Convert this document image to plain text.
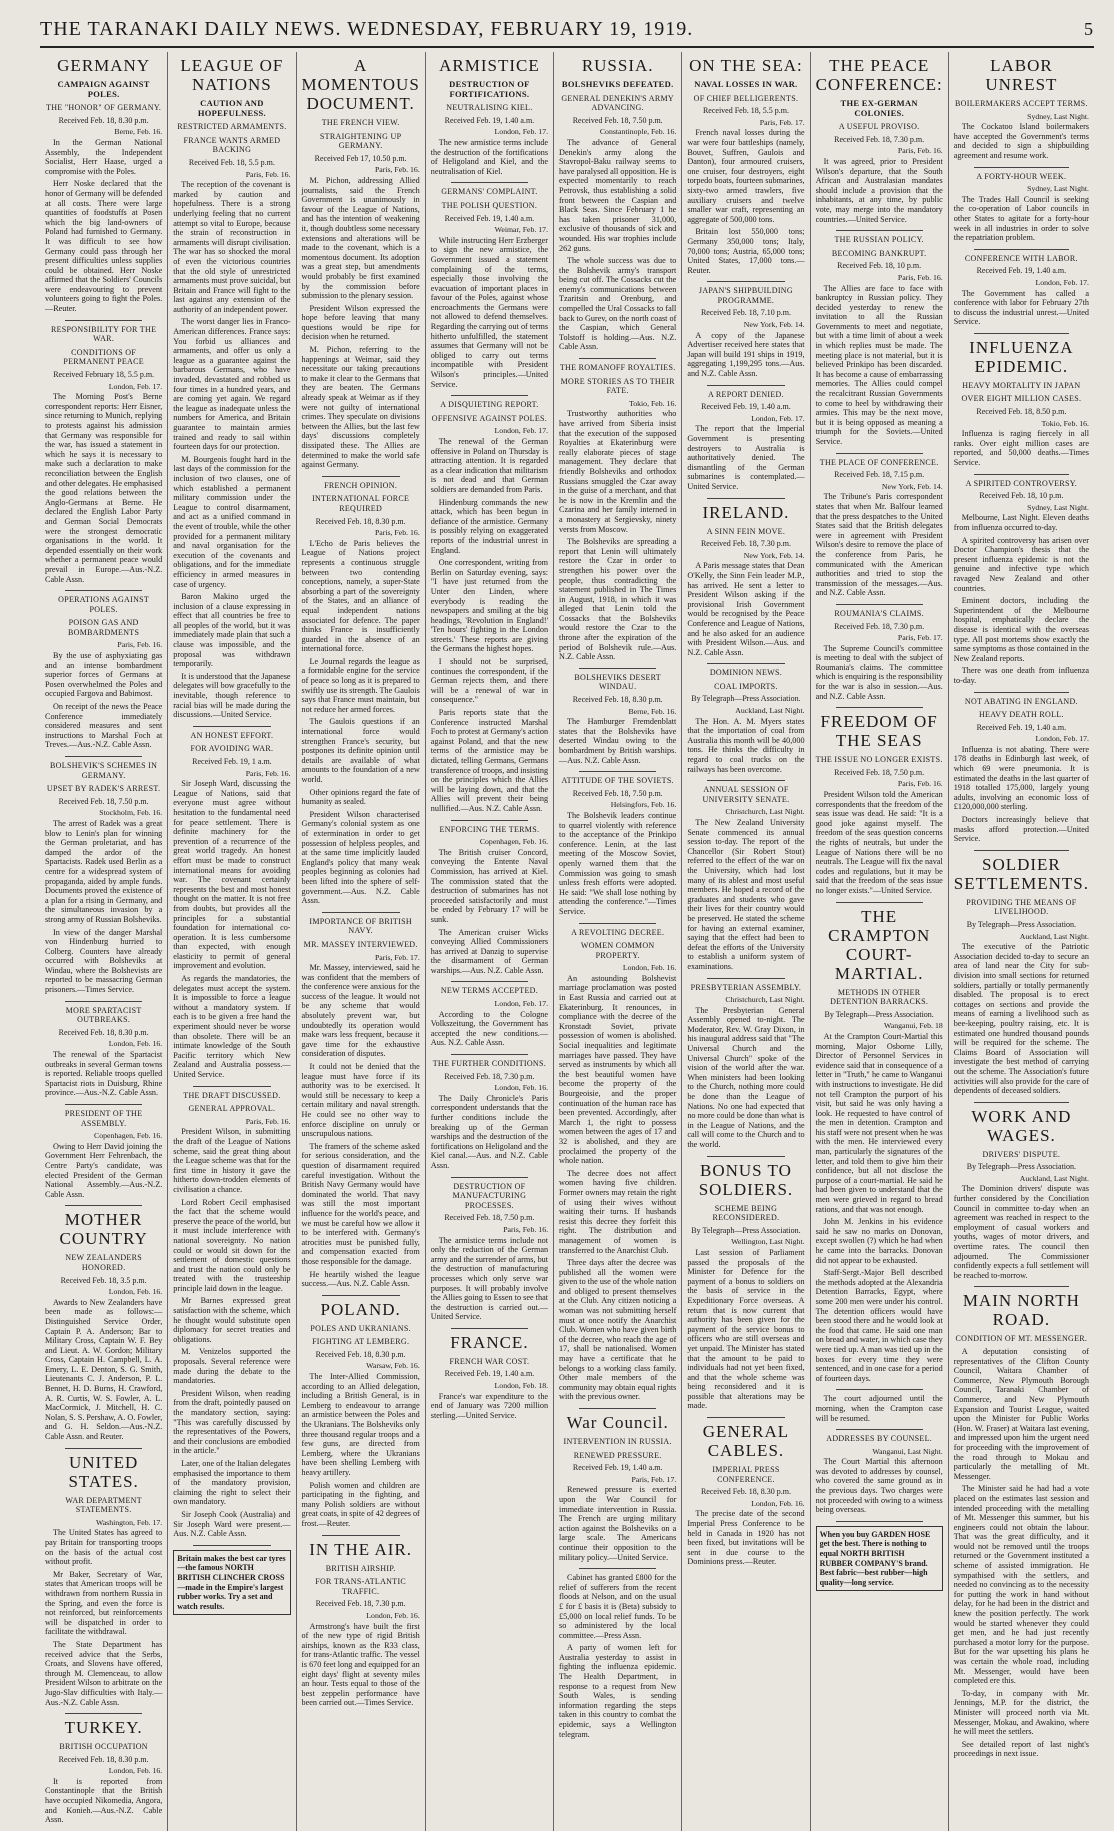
THE TARANAKI DAILY NEWS. WEDNESDAY, FEBRUARY 19, 1919.	5
GERMANY
CAMPAIGN AGAINST POLES.
THE "HONOR" OF GERMANY.
Received Feb. 18, 8.30 p.m.
Berne, Feb. 16.

In the German National Assembly, the Independent Socialist, Herr Haase, urged a compromise with the Poles.

Herr Noske declared that the honor of Germany will be defended at all costs. There were large quantities of foodstuffs at Posen which the big land-owners of Poland had furnished to Germany. It was difficult to see how Germany could pass through her present difficulties unless supplies could be obtained. Herr Noske affirmed that the Soldiers' Councils were endeavouring to prevent volunteers going to fight the Poles.—Reuter.

RESPONSIBILITY FOR THE WAR.
CONDITIONS OF PERMANENT PEACE
Received February 18, 5.5 p.m.
London, Feb. 17.

The Morning Post's Berne correspondent reports: Herr Eisner, since returning to Munich, replying to protests against his admission that Germany was responsible for the war, has issued a statement in which he says it is necessary to make such a declaration to make reconciliation between the English and other delegates. He emphasised the good relations between the Anglo-Germans at Berne. He declared the English Labor Party and German Social Democrats were the strongest democratic organisations in the world. It depended essentially on their work whether a permanent peace would prevail in Europe.—Aus.-N.Z. Cable Assn.

OPERATIONS AGAINST POLES.
POISON GAS AND BOMBARDMENTS
Paris, Feb. 16.

By the use of asphyxiating gas and an intense bombardment superior forces of Germans at Posen overwhelmed the Poles and occupied Fargova and Babimost.

On receipt of the news the Peace Conference immediately considered measures and sent instructions to Marshal Foch at Treves.—Aus.-N.Z. Cable Assn.

BOLSHEVIK'S SCHEMES IN GERMANY.
UPSET BY RADEK'S ARREST.
Received Feb. 18, 7.50 p.m.
Stockholm, Feb. 16.

The arrest of Radek was a great blow to Lenin's plan for winning the German proletariat, and has damped the ardor of the Spartacists. Radek used Berlin as a centre for a widespread system of propaganda, aided by ample funds. Documents proved the existence of a plan for a rising in Germany, and the simultaneous invasion by a strong army of Russian Bolsheviks.

In view of the danger Marshal von Hindenburg hurried to Colberg. Counters have already occurred with Bolsheviks at Windau, where the Bolshevists are reported to be massacring German prisoners.—Times Service.

MORE SPARTACIST OUTBREAKS.
Received Feb. 18, 8.30 p.m.
London, Feb. 16.

The renewal of the Spartacist outbreaks in several German towns is reported. Reliable troops quelled Spartacist riots in Duisburg, Rhine province.—Aus.-N.Z. Cable Assn.

PRESIDENT OF THE ASSEMBLY.
Copenhagen, Feb. 16.

Owing to Herr David joining the Government Herr Fehrenbach, the Centre Party's candidate, was elected President of the German National Assembly.—Aus.-N.Z. Cable Assn.

MOTHER COUNTRY
NEW ZEALANDERS HONORED.
Received Feb. 18, 3.5 p.m.
London, Feb. 16.

Awards to New Zealanders have been made as follows:—Distinguished Service Order, Captain P. A. Anderson; Bar to Military Cross, Captain W. F. Bey and Lieut. A. W. Gordon; Military Cross, Captain H. Campbell, L. A. Emery, L. E. Denton, S. G. Smith, Lieutenants C. J. Anderson, P. L. Bennet, H. D. Burns, H. Crawford, A. R. Curtis, W. S. Fowler, A. L. MacCormick, J. Mitchell, H. C. Nolan, S. S. Pershaw, A. O. Fowler, and G. H. Seldon.—Aus.-N.Z. Cable Assn. and Reuter.

UNITED STATES.
WAR DEPARTMENT STATEMENTS.
Washington, Feb. 17.

The United States has agreed to pay Britain for transporting troops on the basis of the actual cost without profit.

Mr Baker, Secretary of War, states that American troops will be withdrawn from northern Russia in the Spring, and even the force is not reinforced, but reinforcements will be dispatched in order to facilitate the withdrawal.

The State Department has received advice that the Serbs, Croats, and Slovens have offered, through M. Clemenceau, to allow President Wilson to arbitrate on the Jugo-Slav difficulties with Italy.—Aus.-N.Z. Cable Assn.

TURKEY.
BRITISH OCCUPATION
Received Feb. 18, 8.30 p.m.
London, Feb. 16.

It is reported from Constantinople that the British have occupied Nikomedia, Angora, and Konieh.—Aus.-N.Z. Cable Assn.

LEAGUE OF NATIONS
CAUTION AND HOPEFULNESS.
RESTRICTED ARMAMENTS.
FRANCE WANTS ARMED BACKING
Received Feb. 18, 5.5 p.m.
Paris, Feb. 16.

The reception of the covenant is marked by caution and hopefulness. There is a strong underlying feeling that no current attempt so vital to Europe, because the strain of reconstruction in armaments will disrupt civilisation. The war has so shocked the moral of even the victorious countries that the old style of unrestricted armaments must prove suicidal, but Britain and France will fight to the last against any extension of the authority of an independent power.

The worst danger lies in Franco-American differences. France says: You forbid us alliances and armaments, and offer us only a league as a guarantee against the barbarous Germans, who have invaded, devastated and robbed us four times in a hundred years, and are coming yet again. We regard the league as inadequate unless the numbers for America, and Britain guarantee to maintain armies trained and ready to sail within fourteen days for our protection.

M. Bourgeois fought hard in the last days of the commission for the inclusion of two clauses, one of which established a permanent military commission under the League to control disarmament, and act as a unified command in the event of trouble, while the other provided for a permanent military and naval organisation for the execution of the covenants and obligations, and for the immediate efficiency in armed measures in case of urgency.

Baron Makino urged the inclusion of a clause expressing in effect that all countries be free to all peoples of the world, but it was immediately made plain that such a clause was impossible, and the proposal was withdrawn temporarily.

It is understood that the Japanese delegates will bow gracefully to the inevitable, though reference to racial bias will be made during the discussions.—United Service.

AN HONEST EFFORT.
FOR AVOIDING WAR.
Received Feb. 19, 1 a.m.
Paris, Feb. 16.

Sir Joseph Ward, discussing the League of Nations, said that everyone must agree without hesitation to the fundamental need for peace settlement. There is definite machinery for the prevention of a recurrence of the great world tragedy. An honest effort must be made to construct international means for avoiding war. The covenant certainly represents the best and most honest thought on the matter. It is not free from doubts, but provides all the principles for a substantial foundation for international co-operation. It is less cumbersome than expected, with enough elasticity to permit of general improvement and evolution.

As regards the mandatories, the delegates must accept the system. It is impossible to force a league without a mandatory system. If each is to be given a free hand the experiment should never be worse than obsolete. There will be an intimate knowledge of the South Pacific territory which New Zealand and Australia possess.—United Service.

THE DRAFT DISCUSSED.
GENERAL APPROVAL.
Paris, Feb. 16.

President Wilson, in submitting the draft of the League of Nations scheme, said the great thing about the League scheme was that for the first time in history it gave the hitherto down-trodden elements of civilisation a chance.

Lord Robert Cecil emphasised the fact that the scheme would preserve the peace of the world, but it must include interference with national sovereignty. No nation could or would sit down for the settlement of domestic questions and trust the nation could only be treated with the trusteeship principle laid down in the league.

Mr Barnes expressed great satisfaction with the scheme, which he thought would substitute open diplomacy for secret treaties and obligations.

M. Venizelos supported the proposals. Several reference were made during the debate to the mandatories.

President Wilson, when reading from the draft, pointedly paused on the mandatory section, saying: "This was carefully discussed by the representatives of the Powers, and their conclusions are embodied in the article."

Later, one of the Italian delegates emphasised the importance to them of the mandatory provision, claiming the right to select their own mandatory.

Sir Joseph Cook (Australia) and Sir Joseph Ward were present.—Aus. N.Z. Cable Assn.

Britain makes the best car tyres—the famous NORTH BRITISH CLINCHER CROSS—made in the Empire's largest rubber works. Try a set and watch results.
A MOMENTOUS DOCUMENT.
THE FRENCH VIEW.
STRAIGHTENING UP GERMANY.
Received Feb 17, 10.50 p.m.
Paris, Feb. 16.

M. Pichon, addressing Allied journalists, said the French Government is unanimously in favour of the League of Nations, and has the intention of weakening it, though doubtless some necessary extensions and alterations will be made to the covenant, which is a momentous document. Its adoption was a great step, but amendments would probably be first examined by the commission before submission to the plenary session.

President Wilson expressed the hope before leaving that many questions would be ripe for decision when he returned.

M. Pichon, referring to the happenings at Weimar, said they necessitate our taking precautions to make it clear to the Germans that they are beaten. The Germans already speak at Weimar as if they were not guilty of international crimes. They speculate on divisions between the Allies, but the last few days' discussions completely dissipated these. The Allies are determined to make the world safe against Germany.

FRENCH OPINION.
INTERNATIONAL FORCE REQUIRED
Received Feb. 18, 8.30 p.m.
Paris, Feb. 16.

L'Echo de Paris believes the League of Nations project represents a continuous struggle between two contending conceptions, namely, a super-State absorbing a part of the sovereignty of the States, and an alliance of equal independent nations associated for defence. The paper thinks France is insufficiently guarded in the absence of an international force.

Le Journal regards the league as a formidable engine for the service of peace so long as it is prepared to swiftly use its strength. The Gaulois says that France must maintain, but not reduce her armed forces.

The Gaulois questions if an international force would strengthen France's security, but postpones its definite opinion until details are available of what amounts to the foundation of a new world.

Other opinions regard the fate of humanity as sealed.

President Wilson characterised Germany's colonial system as one of extermination in order to get possession of helpless peoples, and at the same time implicitly lauded England's policy that many weak peoples beginning as colonies had been lifted into the sphere of self-government.—Aus. N.Z. Cable Assn.

IMPORTANCE OF BRITISH NAVY.
MR. MASSEY INTERVIEWED.
Paris, Feb. 17.

Mr. Massey, interviewed, said he was confident that the members of the conference were anxious for the success of the league. It would not be any scheme that would absolutely prevent war, but undoubtedly its operation would make wars less frequent, because it gave time for the exhaustive consideration of disputes.

It could not be denied that the league must have force if its authority was to be exercised. It would still be necessary to keep a certain military and naval strength. He could see no other way to enforce discipline on unruly or unscrupulous nations.

The framers of the scheme asked for serious consideration, and the question of disarmament required careful investigation. Without the British Navy Germany would have dominated the world. That navy was still the most important influence for the world's peace, and we must be careful how we allow it to be interfered with. Germany's atrocities must be punished fully, and compensation exacted from those responsible for the damage.

He heartily wished the league success.—Aus. N.Z. Cable Assn.

POLAND.
POLES AND UKRANIANS.
FIGHTING AT LEMBERG.
Received Feb. 18, 8.30 p.m.
Warsaw, Feb. 16.

The Inter-Allied Commission, according to an Allied delegation, including a British General, is in Lemberg to endeavour to arrange an armistice between the Poles and the Ukranians. The Bolsheviks only three thousand regular troops and a few guns, are directed from Lemberg, where the Ukranians have been shelling Lemberg with heavy artillery.

Polish women and children are participating in the fighting, and many Polish soldiers are without great coats, in spite of 42 degrees of frost.—Reuter.

IN THE AIR.
BRITISH AIRSHIP.
FOR TRANS-ATLANTIC TRAFFIC.
Received Feb. 18, 7.30 p.m.
London, Feb. 16.

Armstrong's have built the first of the new type of rigid British airships, known as the R33 class, for trans-Atlantic traffic. The vessel is 670 feet long and equipped for an eight days' flight at seventy miles an hour. Tests equal to those of the best zeppelin performance have been carried out.—Times Service.

ARMISTICE
DESTRUCTION OF FORTIFICATIONS.
NEUTRALISING KIEL.
Received Feb. 19, 1.40 a.m.
London, Feb. 17.

The new armistice terms include the destruction of the fortifications of Heligoland and Kiel, and the neutralisation of Kiel.

GERMANS' COMPLAINT.
THE POLISH QUESTION.
Received Feb. 19, 1.40 a.m.
Weimar, Feb. 17.

While instructing Herr Erzberger to sign the new armistice, the Government issued a statement complaining of the terms, especially those involving the evacuation of important places in favour of the Poles, against whose encroachments the Germans were not allowed to defend themselves. Regarding the carrying out of terms hitherto unfulfilled, the statement assumes that Germany will not be obliged to carry out terms incompatible with President Wilson's principles.—United Service.

A DISQUIETING REPORT.
OFFENSIVE AGAINST POLES.
London, Feb. 17.

The renewal of the German offensive in Poland on Thursday is attracting attention. It is regarded as a clear indication that militarism is not dead and that German soldiers are demanded from Paris.

Hindenburg commands the new attack, which has been begun in defiance of the armistice. Germany is possibly relying on exaggerated reports of the industrial unrest in England.

One correspondent, writing from Berlin on Saturday evening, says: "I have just returned from the Unter den Linden, where everybody is reading the newspapers and smiling at the big headings, 'Revolution in England!' 'Ten hours' fighting in the London streets.' These reports are giving the Germans the highest hopes.

I should not be surprised, continues the correspondent, if the German rejects them, and there will be a renewal of war in consequence."

Paris reports state that the Conference instructed Marshal Foch to protest at Germany's action against Poland, and that the new terms of the armistice may be dictated, telling Germans, Germans transference of troops, and insisting on the principles which the Allies will be laying down, and that the Allies will prevent their being nullified.—Aus. N.Z. Cable Assn.

ENFORCING THE TERMS.
Copenhagen, Feb. 16.

The British cruiser Concord, conveying the Entente Naval Commission, has arrived at Kiel. The commission stated that the destruction of submarines has not proceeded satisfactorily and must be ended by February 17 will be sunk.

The American cruiser Wicks conveying Allied Commissioners has arrived at Danzig to supervise the disarmament of German warships.—Aus. N.Z. Cable Assn.

NEW TERMS ACCEPTED.
London, Feb. 17.

According to the Cologne Volkszeitung, the Government has accepted the new conditions.—Aus. N.Z. Cable Assn.

THE FURTHER CONDITIONS.
Received Feb. 18, 7.30 p.m.
London, Feb. 16.

The Daily Chronicle's Paris correspondent understands that the further conditions include the breaking up of the German warships and the destruction of the fortifications on Heligoland and the Kiel canal.—Aus. and N.Z. Cable Assn.

DESTRUCTION OF MANUFACTURING PROCESSES.
Received Feb. 18, 7.50 p.m.
Paris, Feb. 16.

The armistice terms include not only the reduction of the German army and the surrender of arms, but the destruction of manufacturing processes which only serve war purposes. It will probably involve the Allies going to Essen to see that the destruction is carried out.—United Service.

FRANCE.
FRENCH WAR COST.
Received Feb. 19, 1.40 a.m.
London, Feb. 18.

France's war expenditure to the end of January was 7200 million sterling.—United Service.

RUSSIA.
BOLSHEVIKS DEFEATED.
GENERAL DENEKIN'S ARMY ADVANCING.
Received Feb. 18, 7.50 p.m.
Constantinople, Feb. 16.

The advance of General Denekin's army along the Stavropol-Baku railway seems to have paralysed all opposition. He is expected momentarily to reach Petrovsk, thus establishing a solid front between the Caspian and Black Seas. Since February 1 he has taken prisoner 31,000, exclusive of thousands of sick and wounded. His war trophies include 262 guns.

The whole success was due to the Bolshevik army's transport being cut off. The Cossacks cut the enemy's communications between Tzaritsin and Orenburg, and compelled the Ural Cossacks to fall back to Gurev, on the north coast of the Caspian, which General Tolstoff is holding.—Aus. N.Z. Cable Assn.

THE ROMANOFF ROYALTIES.
MORE STORIES AS TO THEIR FATE.
Tokio, Feb. 16.

Trustworthy authorities who have arrived from Siberia insist that the execution of the supposed Royalties at Ekaterinburg were really elaborate pieces of stage management. They declare that friendly Bolsheviks and orthodox Russians smuggled the Czar away in the guise of a merchant, and that he is now in the Kremlin and the Czarina and her family interned in a monastery at Sergievsky, ninety versts from Moscow.

The Bolsheviks are spreading a report that Lenin will ultimately restore the Czar in order to strengthen his power over the people, thus contradicting the statement published in The Times in August, 1918, in which it was alleged that Lenin told the Cossacks that the Bolsheviks would restore the Czar to the throne after the expiration of the period of Bolshevik rule.—Aus. N.Z. Cable Assn.

BOLSHEVIKS DESERT WINDAU.
Received Feb. 18, 8.30 p.m.
Berne, Feb. 16.

The Hamburger Fremdenblatt states that the Bolsheviks have deserted Windau owing to the bombardment by British warships.—Aus. N.Z. Cable Assn.

ATTITUDE OF THE SOVIETS.
Received Feb. 18, 7.50 p.m.
Helsingfors, Feb. 16.

The Bolshevik leaders continue to quarrel violently with reference to the acceptance of the Prinkipo conference. Lenin, at the last meeting of the Moscow Soviet, openly warned them that the Commission was going to smash unless fresh efforts were adopted. He said: "We shall lose nothing by attending the conference."—Times Service.

A REVOLTING DECREE.
WOMEN COMMON PROPERTY.
London, Feb. 16.

An astounding Bolshevist marriage proclamation was posted in East Russia and carried out at Ekaterinburg. It renounces, in compliance with the decree of the Kronstadt Soviet, private possession of women is abolished. Social inequalities and legitimate marriages have passed. They have served as instruments by which all the best beautiful women have become the property of the Bourgeoisie, and the proper continuation of the human race has been prevented. Accordingly, after March 1, the right to possess women between the ages of 17 and 32 is abolished, and they are proclaimed the property of the whole nation.

The decree does not affect women having five children. Former owners may retain the right of using their wives without waiting their turns. If husbands resist this decree they forfeit this right. The distribution and management of women is transferred to the Anarchist Club.

Three days after the decree was published all the women were given to the use of the whole nation and obliged to present themselves at the Club. Any citizen noticing a woman was not submitting herself must at once notify the Anarchist Club. Women who have given birth of the decree, who reach the age of 17, shall be nationalised. Women may have a certificate that he belongs to a working class family. Other male members of the community may obtain equal rights with the previous owner.

War Council.
INTERVENTION IN RUSSIA.
RENEWED PRESSURE.
Received Feb. 19, 1.40 a.m.
Paris, Feb. 17.

Renewed pressure is exerted upon the War Council for immediate intervention in Russia. The French are urging military action against the Bolsheviks on a large scale. The Americans continue their opposition to the military policy.—United Service.

Cabinet has granted £800 for the relief of sufferers from the recent floods at Nelson, and on the usual £ for £ basis it is (Beta) subsidy to £5,000 on local relief funds. To be so administered by the local committee.—Press Assn.

A party of women left for Australia yesterday to assist in fighting the influenza epidemic. The Health Department, in response to a request from New South Wales, is sending information regarding the steps taken in this country to combat the epidemic, says a Wellington telegram.

ON THE SEA:
NAVAL LOSSES IN WAR.
OF CHIEF BELLIGERENTS.
Received Feb. 18, 5.5 p.m.
Paris, Feb. 17.

French naval losses during the war were four battleships (namely, Bouvet, Suffren, Gaulois and Danton), four armoured cruisers, one cruiser, four destroyers, eight torpedo boats, fourteen submarines, sixty-two armed trawlers, five auxiliary cruisers and twelve smaller war craft, representing an aggregate of 500,000 tons.

Britain lost 550,000 tons; Germany 350,000 tons; Italy, 70,000 tons; Austria, 65,000 tons; United States, 17,000 tons.—Reuter.

JAPAN'S SHIPBUILDING PROGRAMME.
Received Feb. 18, 7.10 p.m.
New York, Feb. 14.

A copy of the Japanese Advertiser received here states that Japan will build 191 ships in 1919, aggregating 1,199,295 tons.—Aus. and N.Z. Cable Assn.

A REPORT DENIED.
Received Feb. 19, 1.40 a.m.
London, Feb. 17.

The report that the Imperial Government is presenting destroyers to Australia is authoritatively denied. The dismantling of the German submarines is contemplated.—United Service.

IRELAND.
A SINN FEIN MOVE.
Received Feb. 18, 7.30 p.m.
New York, Feb. 14.

A Paris message states that Dean O'Kelly, the Sinn Fein leader M.P., has arrived. He sent a letter to President Wilson asking if the provisional Irish Government would be recognised by the Peace Conference and League of Nations, and he also asked for an audience with President Wilson.—Aus. and N.Z. Cable Assn.

DOMINION NEWS.
COAL IMPORTS.
By Telegraph—Press Association.
Auckland, Last Night.

The Hon. A. M. Myers states that the importation of coal from Australia this month will be 40,000 tons. He thinks the difficulty in regard to coal trucks on the railways has been overcome.

ANNUAL SESSION OF UNIVERSITY SENATE.
Christchurch, Last Night.

The New Zealand University Senate commenced its annual session to-day. The report of the Chancellor (Sir Robert Stout) referred to the effect of the war on the University, which had lost many of its ablest and most useful members. He hoped a record of the graduates and students who gave their lives for their country would be preserved. He stated the scheme for having an external examiner, saying that the effect had been to defeat the efforts of the University to establish a uniform system of examinations.

PRESBYTERIAN ASSEMBLY.
Christchurch, Last Night.

The Presbyterian General Assembly opened to-night. The Moderator, Rev. W. Gray Dixon, in his inaugural address said that "The Universal Church and the Universal Church" spoke of the vision of the world after the war. When ministers had been looking to the Church, nothing more could be done than the League of Nations. No one had expected that no more could be done than what is in the League of Nations, and the call will come to the Church and to the world.

BONUS TO SOLDIERS.
SCHEME BEING RECONSIDERED.
By Telegraph—Press Association.
Wellington, Last Night.

Last session of Parliament passed the proposals of the Minister for Defence for the payment of a bonus to soldiers on the basis of service in the Expeditionary Force overseas. A return that is now current that authority has been given for the payment of the service bonus to officers who are still overseas and yet unpaid. The Minister has stated that the amount to be paid to individuals had not yet been fixed, and that the whole scheme was being reconsidered and it is possible that alterations may be made.

GENERAL CABLES.
IMPERIAL PRESS CONFERENCE.
Received Feb. 18, 8.30 p.m.
London, Feb. 16.

The precise date of the second Imperial Press Conference to be held in Canada in 1920 has not been fixed, but invitations will be sent in due course to the Dominions press.—Reuter.

THE PEACE CONFERENCE:
THE EX-GERMAN COLONIES.
A USEFUL PROVISO.
Received Feb. 18, 7.30 p.m.
Paris, Feb. 16.

It was agreed, prior to President Wilson's departure, that the South African and Australasian mandates should include a provision that the inhabitants, at any time, by public vote, may merge into the mandatory countries.—United Service.

THE RUSSIAN POLICY.
BECOMING BANKRUPT.
Received Feb. 18, 10 p.m.
Paris, Feb. 16.

The Allies are face to face with bankruptcy in Russian policy. They decided yesterday to renew the invitation to all the Russian Governments to meet and negotiate, but with a time limit of about a week in which replies must be made. The meeting place is not material, but it is believed Prinkipo has been discarded. It has become a cause of embarrassing memories. The Allies could compel the recalcitrant Russian Governments to come to heel by withdrawing their armies. This may be the next move, but it is being opposed as meaning a triumph for the Soviets.—United Service.

THE PLACE OF CONFERENCE.
Received Feb. 18, 7.15 p.m.
New York, Feb. 14.

The Tribune's Paris correspondent states that when Mr. Balfour learned that the press despatches to the United States said that the British delegates were in agreement with President Wilson's desire to remove the place of the conference from Paris, he communicated with the American authorities and tried to stop the transmission of the messages.—Aus. and N.Z. Cable Assn.

ROUMANIA'S CLAIMS.
Received Feb. 18, 7.30 p.m.
Paris, Feb. 17.

The Supreme Council's committee is meeting to deal with the subject of Roumania's claims. The committee which is enquiring is the responsibility for the war is also in session.—Aus. and N.Z. Cable Assn.

FREEDOM OF THE SEAS
THE ISSUE NO LONGER EXISTS.
Received Feb. 18, 7.50 p.m.
Paris, Feb. 16.

President Wilson told the American correspondents that the freedom of the seas issue was dead. He said: "It is a good joke against myself. The freedom of the seas question concerns the rights of neutrals, but under the League of Nations there will be no neutrals. The League will fix the naval codes and regulations, but it may be said that the freedom of the seas issue no longer exists."—United Service.

THE CRAMPTON COURT-MARTIAL.
METHODS IN OTHER DETENTION BARRACKS.
By Telegraph—Press Association.
Wanganui, Feb. 18

At the Crampton Court-Martial this morning, Major Osborne Lilly, Director of Personnel Services in evidence said that in consequence of a letter in "Truth," he came to Wanganui with instructions to investigate. He did not tell Crampton the purport of his visit, but said he was only having a look. He requested to have control of the men in detention. Crampton and his staff were not present when he was with the men. He interviewed every man, particularly the signatures of the letter, and told them to give him their confidence, but all not disclose the purpose of a court-martial. He said he had been given to understand that the men were grieved in regard to bread rations, and that was not enough.

John M. Jenkins in his evidence said he saw no marks on Donovan, except swollen (?) which he had when he came into the barracks. Donovan did not appear to be exhausted.

Staff-Sergt.-Major Bell described the methods adopted at the Alexandria Detention Barracks, Egypt, where some 200 men were under his control. The detention officers would have been stood there and he would look at the food that came. He said one man on bread and water, in which case they were tied up. A man was tied up in the boxes for every time they were sentenced, and in one case for a period of fourteen days.

The court adjourned until the morning, when the Crampton case will be resumed.

ADDRESSES BY COUNSEL.
Wanganui, Last Night.

The Court Martial this afternoon was devoted to addresses by counsel, who covered the same ground as in the previous days. Two charges were not proceeded with owing to a witness being overseas.

When you buy GARDEN HOSE get the best. There is nothing to equal NORTH BRITISH RUBBER COMPANY'S brand. Best fabric—best rubber—high quality—long service.
LABOR UNREST
BOILERMAKERS ACCEPT TERMS.
Sydney, Last Night.

The Cockatoo Island boilermakers have accepted the Government's terms and decided to sign a shipbuilding agreement and resume work.

A FORTY-HOUR WEEK.
Sydney, Last Night.

The Trades Hall Council is seeking the co-operation of Labor councils in other States to agitate for a forty-hour week in all industries in order to solve the repatriation problem.

CONFERENCE WITH LABOR.
Received Feb. 19, 1.40 a.m.
London, Feb. 17.

The Government has called a conference with labor for February 27th to discuss the industrial unrest.—United Service.

INFLUENZA EPIDEMIC.
HEAVY MORTALITY IN JAPAN
OVER EIGHT MILLION CASES.
Received Feb. 18, 8.50 p.m.
Tokio, Feb. 16.

Influenza is raging fiercely in all ranks. Over eight million cases are reported, and 50,000 deaths.—Times Service.

A SPIRITED CONTROVERSY.
Received Feb. 18, 10 p.m.
Sydney, Last Night.

Melbourne, Last Night. Eleven deaths from influenza occurred to-day.

A spirited controversy has arisen over Doctor Champion's thesis that the present influenza epidemic is not the genuine and infective type which ravaged New Zealand and other countries.

Eminent doctors, including the Superintendent of the Melbourne hospital, emphatically declare the disease is identical with the overseas type. All post mortems show exactly the same symptoms as those contained in the New Zealand reports.

There was one death from influenza to-day.

NOT ABATING IN ENGLAND.
HEAVY DEATH ROLL.
Received Feb. 19, 1.40 a.m.
London, Feb. 17.

Influenza is not abating. There were 178 deaths in Edinburgh last week, of which 69 were pneumonia. It is estimated the deaths in the last quarter of 1918 totalled 175,000, largely young adults, involving an economic loss of £120,000,000 sterling.

Doctors increasingly believe that masks afford protection.—United Service.

SOLDIER SETTLEMENTS.
PROVIDING THE MEANS OF LIVELIHOOD.
By Telegraph—Press Association.
Auckland, Last Night.

The executive of the Patriotic Association decided to-day to secure an area of land near the City for sub-division into small sections for returned soldiers, partially or totally permanently disabled. The proposal is to erect cottages on sections and provide the means of earning a livelihood such as bee-keeping, poultry raising, etc. It is estimated one hundred thousand pounds will be required for the scheme. The Claims Board of Association will investigate the best method of carrying out the scheme. The Association's future activities will also provide for the care of dependents of deceased soldiers.

WORK AND WAGES.
DRIVERS' DISPUTE.
By Telegraph—Press Association.
Auckland, Last Night.

The Dominion drivers' dispute was further considered by the Conciliation Council in committee to-day when an agreement was reached in respect to the employment of casual workers and youths, wages of motor drivers, and overtime rates. The council then adjourned. The Commissioner confidently expects a full settlement will be reached to-morrow.

MAIN NORTH ROAD.
CONDITION OF MT. MESSENGER.

A deputation consisting of representatives of the Clifton County Council, Waitara Chamber of Commerce, New Plymouth Borough Council, Taranaki Chamber of Commerce, and New Plymouth Expansion and Tourist League, waited upon the Minister for Public Works (Hon. W. Fraser) at Waitara last evening, and impressed upon him the urgent need for proceeding with the improvement of the road through to Mokau and particularly the metalling of Mt. Messenger.

The Minister said he had had a vote placed on the estimates last session and intended proceeding with the metalling of Mt. Messenger this summer, but his engineers could not obtain the labour. That was the great difficulty, and it would not be removed until the troops returned or the Government instituted a scheme of assisted immigration. He sympathised with the settlers, and needed no convincing as to the necessity for putting the work in hand without delay, for he had been in the district and knew the position perfectly. The work would be started whenever they could get men, and he had just recently purchased a motor lorry for the purpose. But for the war upsetting his plans he was certain the whole road, including Mt. Messenger, would have been completed ere this.

To-day, in company with Mr. Jennings, M.P. for the district, the Minister will proceed north via Mt. Messenger, Mokau, and Awakino, where he will meet the settlers.

See detailed report of last night's proceedings in next issue.
